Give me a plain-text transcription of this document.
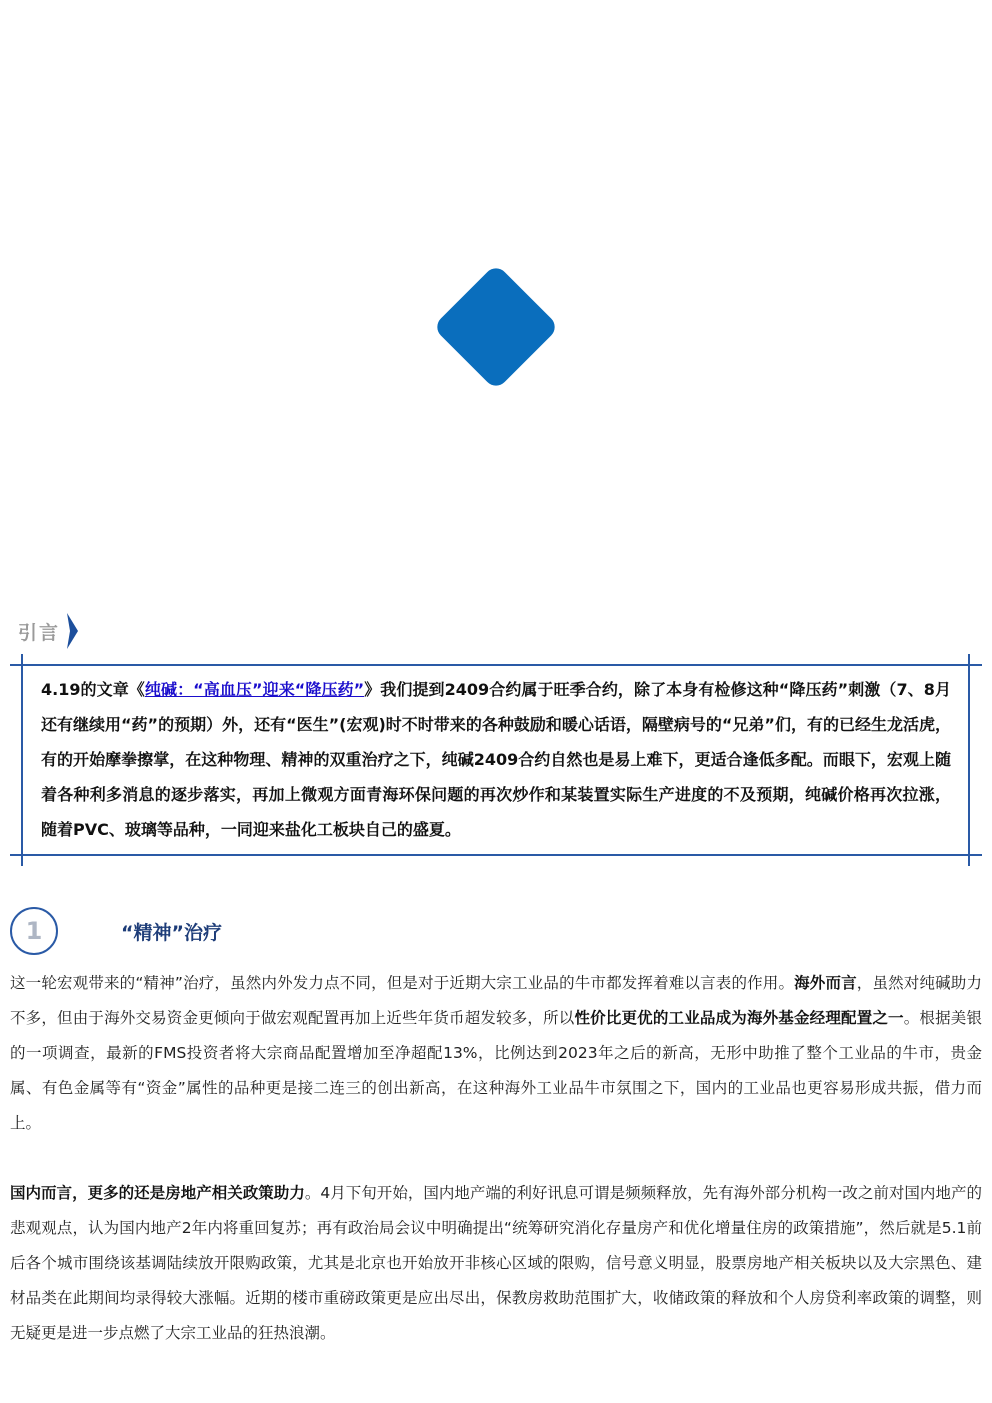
引言
4.19的文章《纯碱：“高血压”迎来“降压药”》我们提到2409合约属于旺季合约，除了本身有检修这种“降压药”刺激（7、8月还有继续用“药”的预期）外，还有“医生”(宏观)时不时带来的各种鼓励和暖心话语，隔壁病号的“兄弟”们，有的已经生龙活虎，有的开始摩拳擦掌，在这种物理、精神的双重治疗之下，纯碱2409合约自然也是易上难下，更适合逢低多配。而眼下，宏观上随着各种利多消息的逐步落实，再加上微观方面青海环保问题的再次炒作和某装置实际生产进度的不及预期，纯碱价格再次拉涨，随着PVC、玻璃等品种，一同迎来盐化工板块自己的盛夏。
1	“精神”治疗
这一轮宏观带来的“精神”治疗，虽然内外发力点不同，但是对于近期大宗工业品的牛市都发挥着难以言表的作用。海外而言，虽然对纯碱助力不多，但由于海外交易资金更倾向于做宏观配置再加上近些年货币超发较多，所以性价比更优的工业品成为海外基金经理配置之一。根据美银的一项调查，最新的FMS投资者将大宗商品配置增加至净超配13%，比例达到2023年之后的新高，无形中助推了整个工业品的牛市，贵金属、有色金属等有“资金”属性的品种更是接二连三的创出新高，在这种海外工业品牛市氛围之下，国内的工业品也更容易形成共振，借力而上。
国内而言，更多的还是房地产相关政策助力。4月下旬开始，国内地产端的利好讯息可谓是频频释放，先有海外部分机构一改之前对国内地产的悲观观点，认为国内地产2年内将重回复苏；再有政治局会议中明确提出“统筹研究消化存量房产和优化增量住房的政策措施”，然后就是5.1前后各个城市围绕该基调陆续放开限购政策，尤其是北京也开始放开非核心区域的限购，信号意义明显，股票房地产相关板块以及大宗黑色、建材品类在此期间均录得较大涨幅。近期的楼市重磅政策更是应出尽出，保教房救助范围扩大，收储政策的释放和个人房贷利率政策的调整，则无疑更是进一步点燃了大宗工业品的狂热浪潮。
